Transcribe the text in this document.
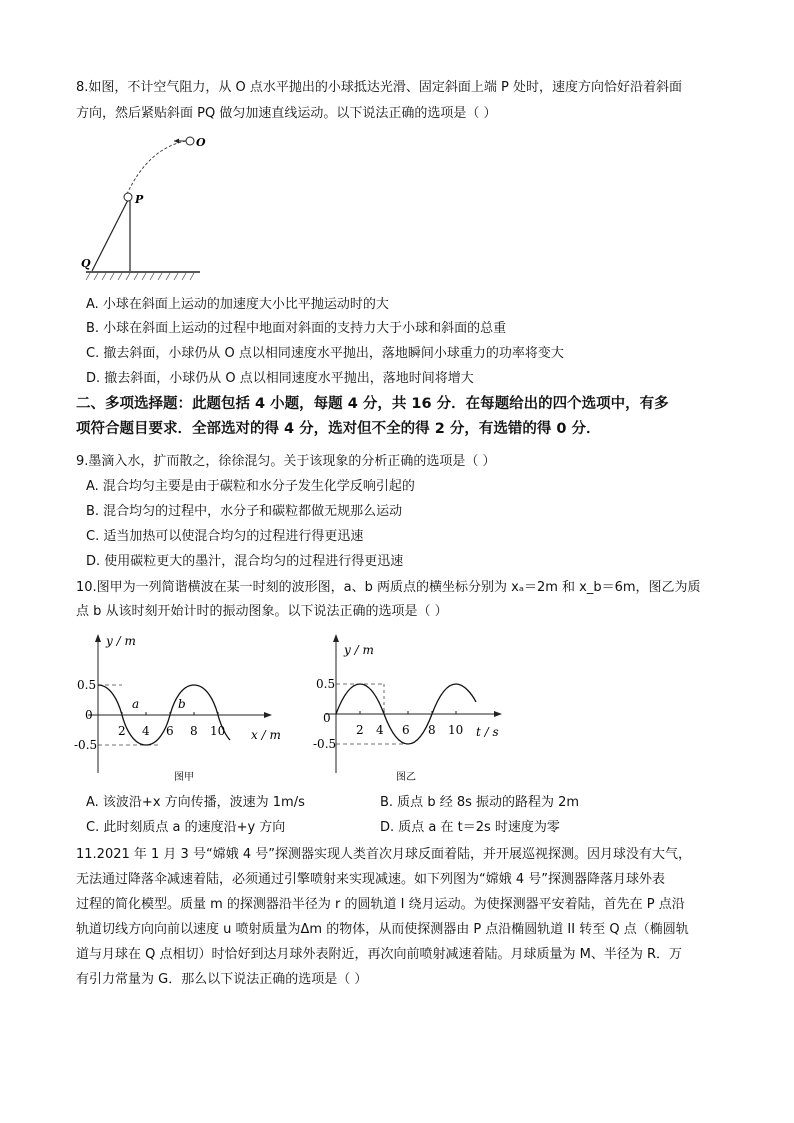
8.如图，不计空气阻力，从 O 点水平抛出的小球抵达光滑、固定斜面上端 P 处时，速度方向恰好沿着斜面
方向，然后紧贴斜面 PQ 做匀加速直线运动。以下说法正确的选项是（ ）
O
P
Q
A. 小球在斜面上运动的加速度大小比平抛运动时的大
B. 小球在斜面上运动的过程中地面对斜面的支持力大于小球和斜面的总重
C. 撤去斜面，小球仍从 O 点以相同速度水平抛出，落地瞬间小球重力的功率将变大
D. 撤去斜面，小球仍从 O 点以相同速度水平抛出，落地时间将增大
二、多项选择题：此题包括 4 小题，每题 4 分，共 16 分．在每题给出的四个选项中，有多
项符合题目要求．全部选对的得 4 分，选对但不全的得 2 分，有选错的得 0 分．
9.墨滴入水，扩而散之，徐徐混匀。关于该现象的分析正确的选项是（ ）
A. 混合均匀主要是由于碳粒和水分子发生化学反响引起的
B. 混合均匀的过程中，水分子和碳粒都做无规那么运动
C. 适当加热可以使混合均匀的过程进行得更迅速
D. 使用碳粒更大的墨汁，混合均匀的过程进行得更迅速
10.图甲为一列简谐横波在某一时刻的波形图，a、b 两质点的横坐标分别为 xₐ＝2m 和 x_b＝6m，图乙为质
点 b 从该时刻开始计时的振动图象。以下说法正确的选项是（ ）
y / m
x / m
2 4 6 8 10
0.5
0
-0.5
a	b
图甲
y / m
t / s
2 4 6 8 10
0.5
0
-0.5
图乙
A. 该波沿+x 方向传播，波速为 1m/s	B. 质点 b 经 8s 振动的路程为 2m
C. 此时刻质点 a 的速度沿+y 方向	D. 质点 a 在 t＝2s 时速度为零
11.2021 年 1 月 3 号“嫦娥 4 号”探测器实现人类首次月球反面着陆，并开展巡视探测。因月球没有大气，
无法通过降落伞减速着陆，必须通过引擎喷射来实现减速。如下列图为“嫦娥 4 号”探测器降落月球外表
过程的简化模型。质量 m 的探测器沿半径为 r 的圆轨道 I 绕月运动。为使探测器平安着陆，首先在 P 点沿
轨道切线方向向前以速度 u 喷射质量为Δm 的物体，从而使探测器由 P 点沿椭圆轨道 II 转至 Q 点（椭圆轨
道与月球在 Q 点相切）时恰好到达月球外表附近，再次向前喷射减速着陆。月球质量为 M、半径为 R．万
有引力常量为 G．那么以下说法正确的选项是（ ）
